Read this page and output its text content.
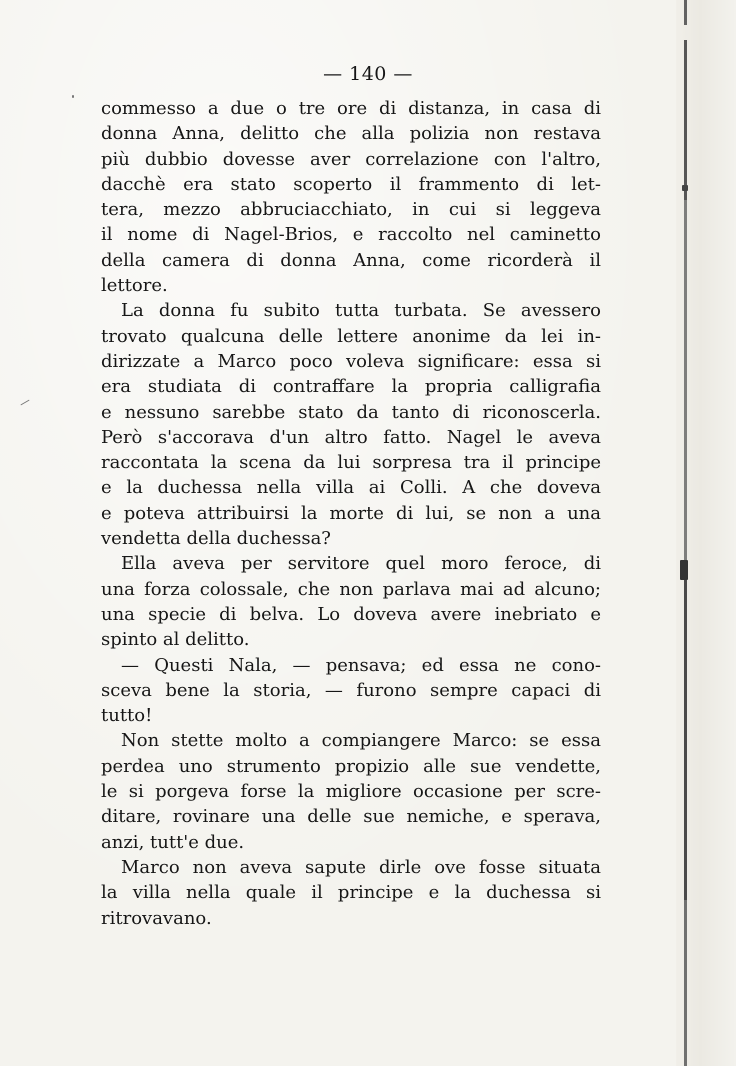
— 140 —
commesso a due o tre ore di distanza, in casa di
donna Anna, delitto che alla polizia non restava
più dubbio dovesse aver correlazione con l'altro,
dacchè era stato scoperto il frammento di let-
tera, mezzo abbruciacchiato, in cui si leggeva
il nome di Nagel-Brios, e raccolto nel caminetto
della camera di donna Anna, come ricorderà il
lettore.
La donna fu subito tutta turbata. Se avessero
trovato qualcuna delle lettere anonime da lei in-
dirizzate a Marco poco voleva significare: essa si
era studiata di contraffare la propria calligrafia
e nessuno sarebbe stato da tanto di riconoscerla.
Però s'accorava d'un altro fatto. Nagel le aveva
raccontata la scena da lui sorpresa tra il principe
e la duchessa nella villa ai Colli. A che doveva
e poteva attribuirsi la morte di lui, se non a una
vendetta della duchessa?
Ella aveva per servitore quel moro feroce, di
una forza colossale, che non parlava mai ad alcuno;
una specie di belva. Lo doveva avere inebriato e
spinto al delitto.
— Questi Nala, — pensava; ed essa ne cono-
sceva bene la storia, — furono sempre capaci di
tutto!
Non stette molto a compiangere Marco: se essa
perdea uno strumento propizio alle sue vendette,
le si porgeva forse la migliore occasione per scre-
ditare, rovinare una delle sue nemiche, e sperava,
anzi, tutt'e due.
Marco non aveva sapute dirle ove fosse situata
la villa nella quale il principe e la duchessa si
ritrovavano.
